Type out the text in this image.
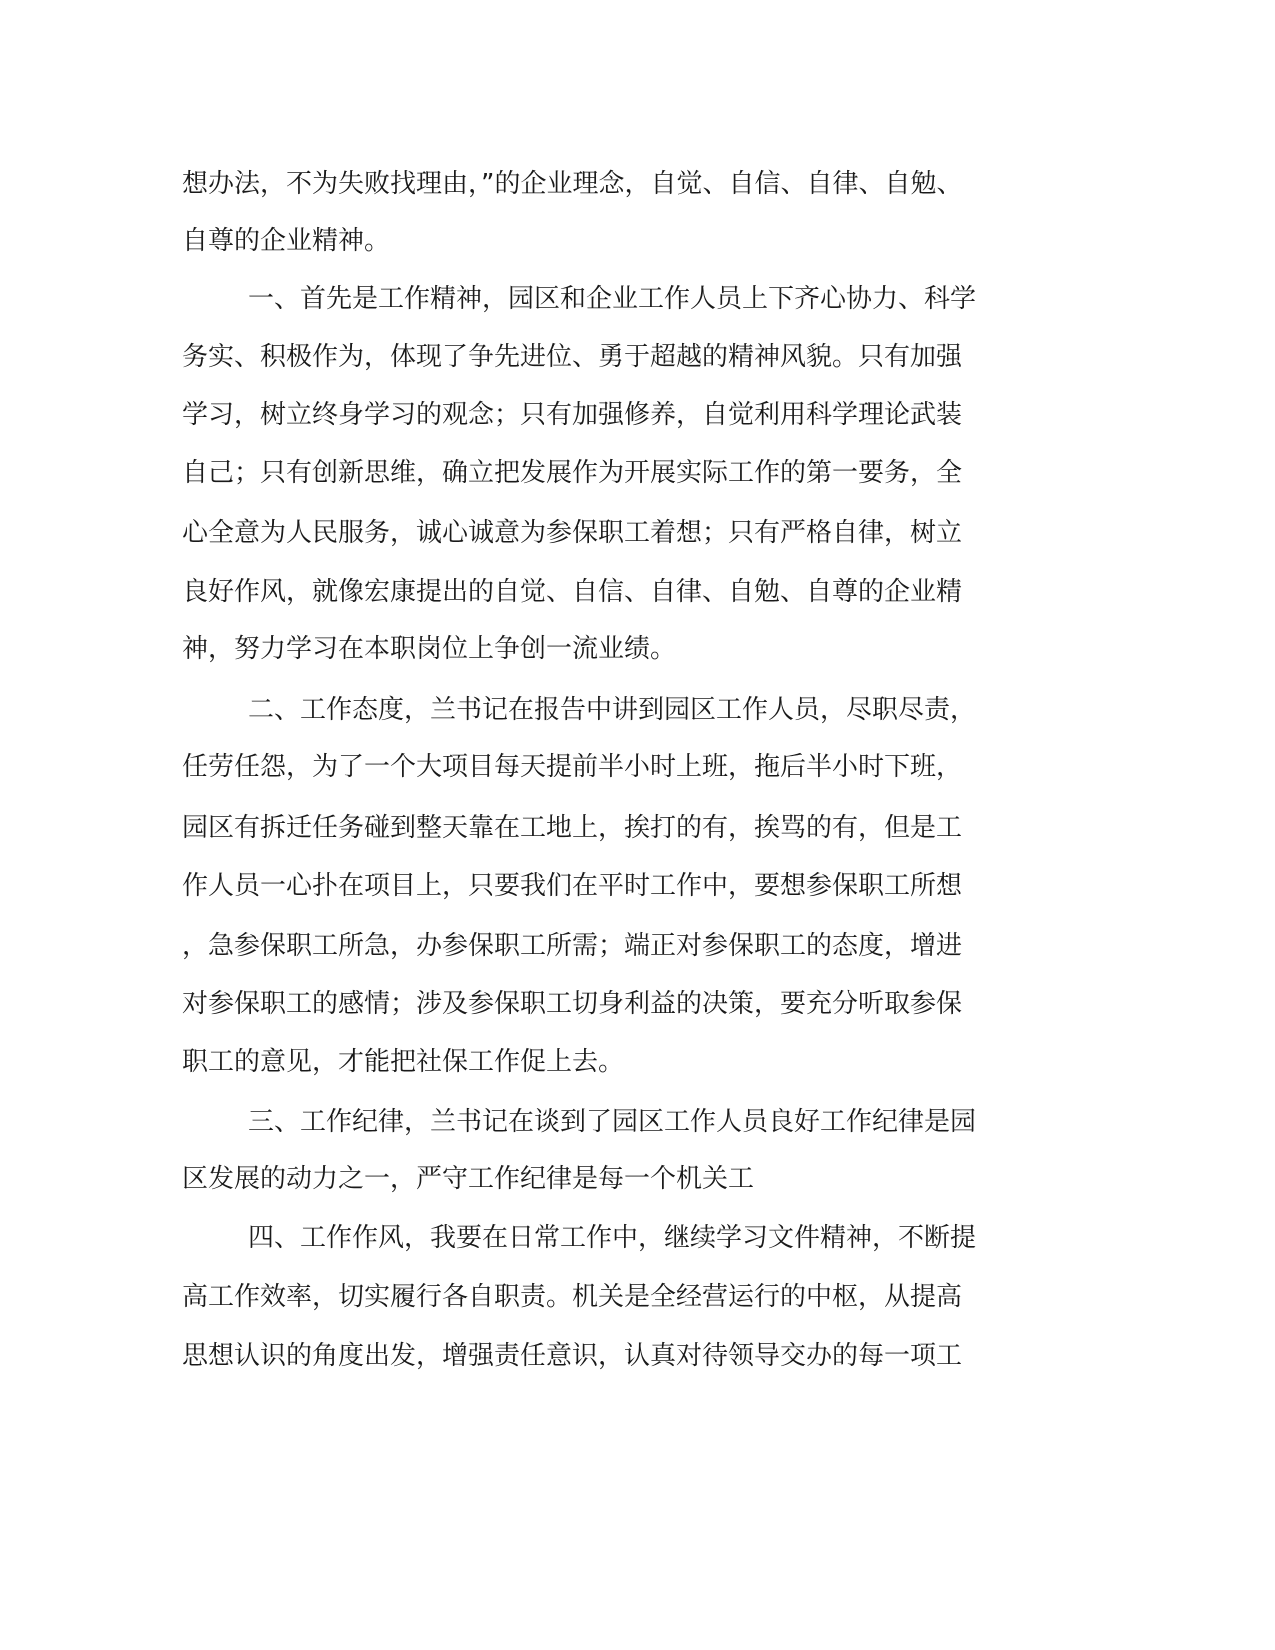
想办法，不为失败找理由，”的企业理念，自觉、自信、自律、自勉、

自尊的企业精神。

一、首先是工作精神，园区和企业工作人员上下齐心协力、科学

务实、积极作为，体现了争先进位、勇于超越的精神风貌。只有加强

学习，树立终身学习的观念；只有加强修养，自觉利用科学理论武装

自己；只有创新思维，确立把发展作为开展实际工作的第一要务，全

心全意为人民服务，诚心诚意为参保职工着想；只有严格自律，树立

良好作风，就像宏康提出的自觉、自信、自律、自勉、自尊的企业精

神，努力学习在本职岗位上争创一流业绩。

二、工作态度，兰书记在报告中讲到园区工作人员，尽职尽责，

任劳任怨，为了一个大项目每天提前半小时上班，拖后半小时下班，

园区有拆迁任务碰到整天靠在工地上，挨打的有，挨骂的有，但是工

作人员一心扑在项目上，只要我们在平时工作中，要想参保职工所想

，急参保职工所急，办参保职工所需；端正对参保职工的态度，增进

对参保职工的感情；涉及参保职工切身利益的决策，要充分听取参保

职工的意见，才能把社保工作促上去。

三、工作纪律，兰书记在谈到了园区工作人员良好工作纪律是园

区发展的动力之一，严守工作纪律是每一个机关工

四、工作作风，我要在日常工作中，继续学习文件精神，不断提

高工作效率，切实履行各自职责。机关是全经营运行的中枢，从提高

思想认识的角度出发，增强责任意识，认真对待领导交办的每一项工
